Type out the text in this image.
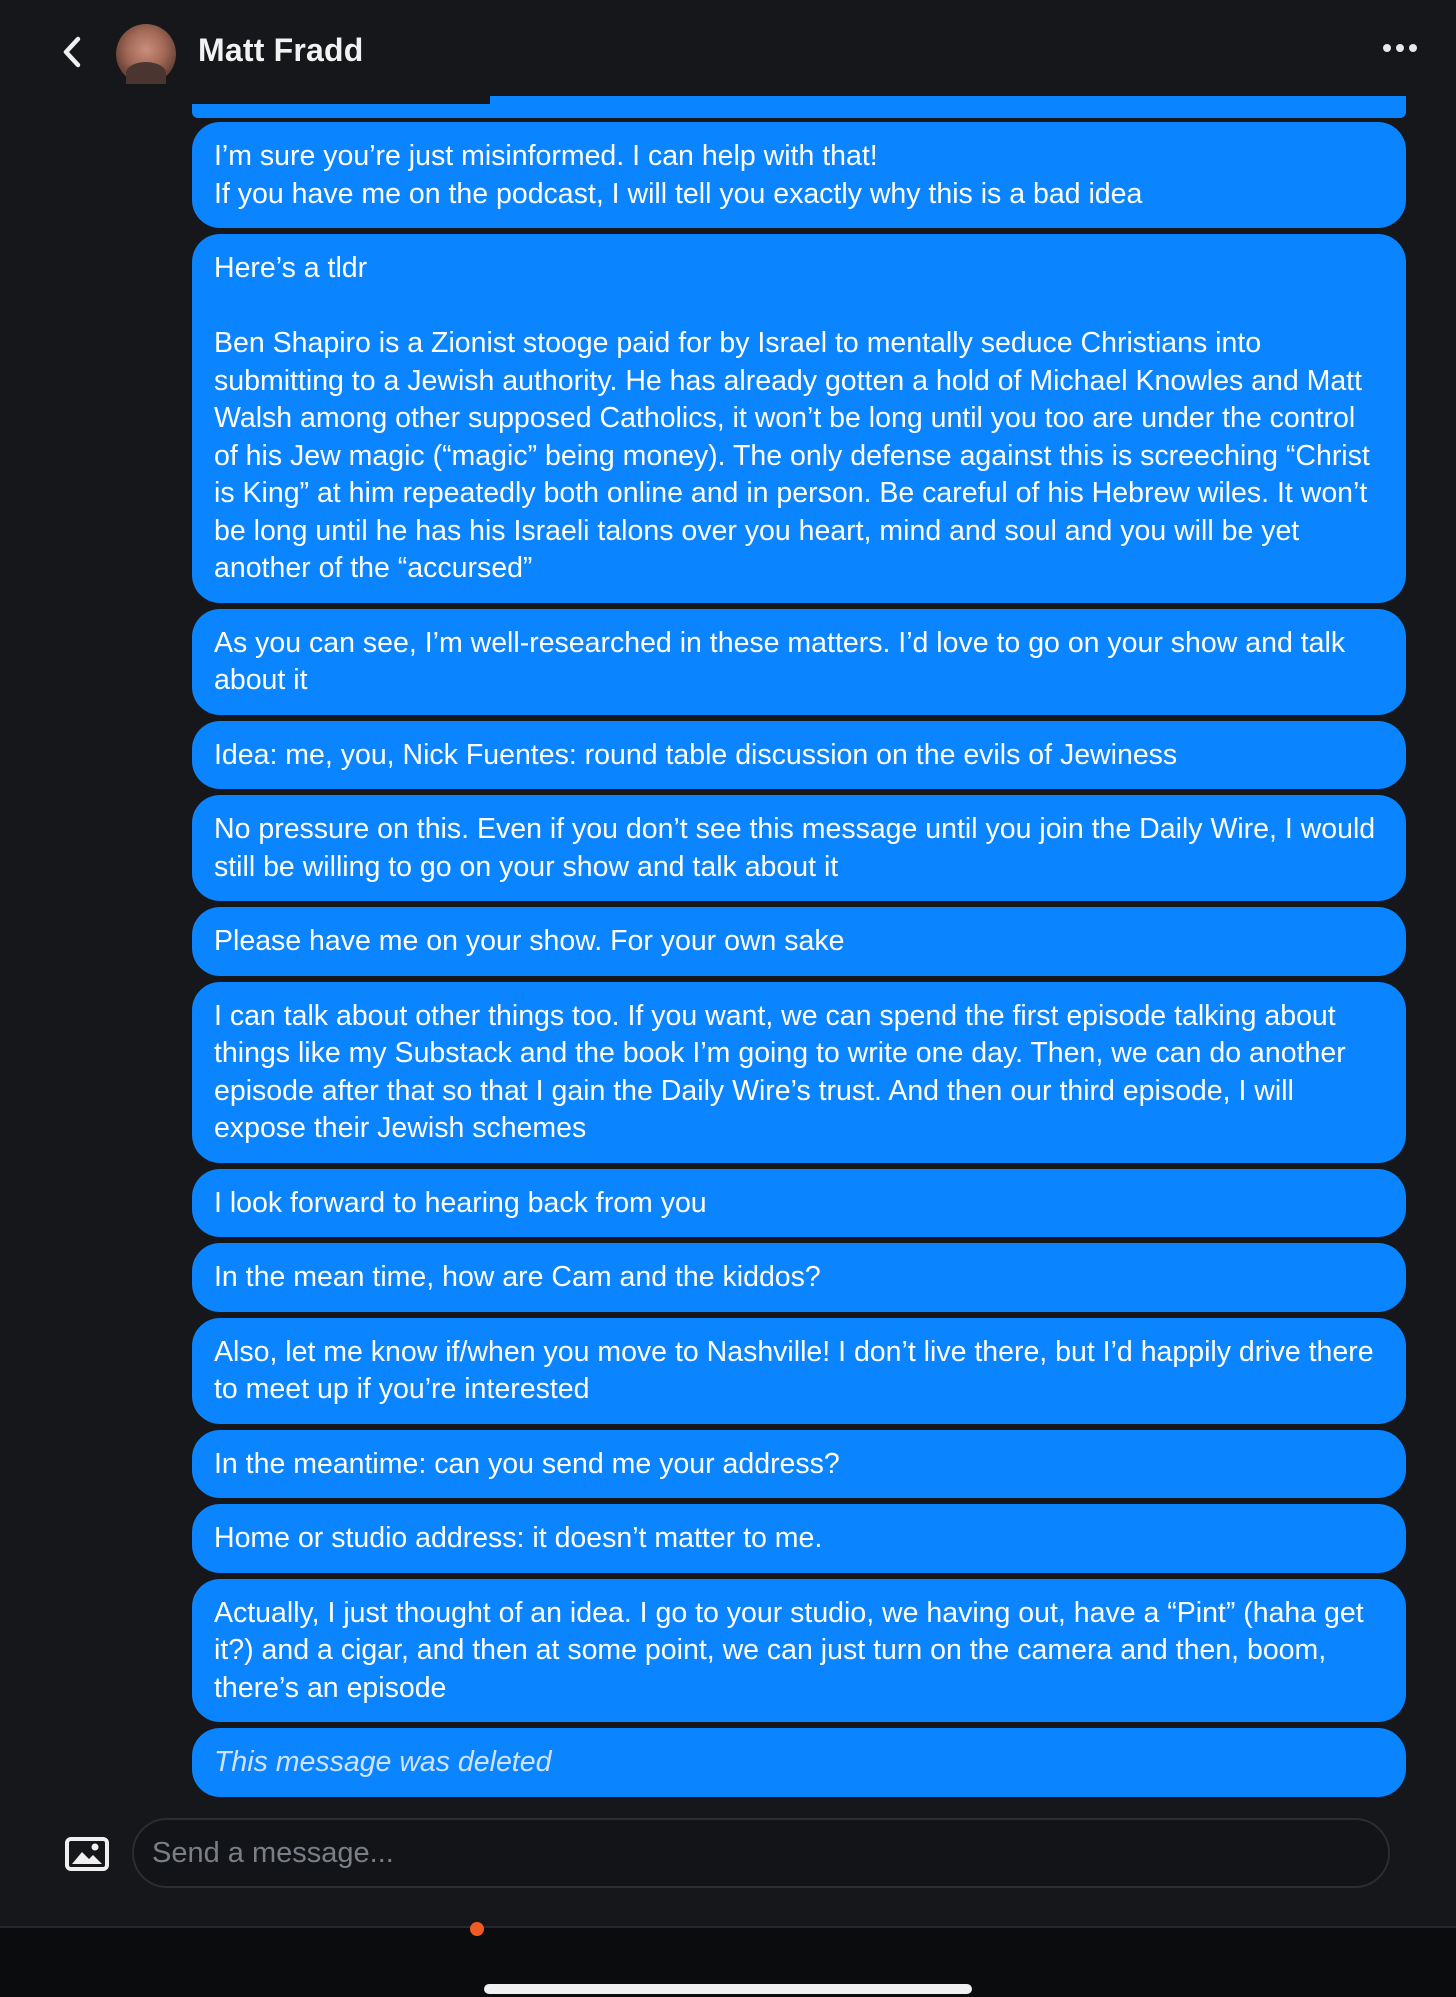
Matt Fradd
I’m sure you’re just misinformed. I can help with that!
If you have me on the podcast, I will tell you exactly why this is a bad idea
Here’s a tldr

Ben Shapiro is a Zionist stooge paid for by Israel to mentally seduce Christians into submitting to a Jewish authority. He has already gotten a hold of Michael Knowles and Matt Walsh among other supposed Catholics, it won’t be long until you too are under the control of his Jew magic (“magic” being money). The only defense against this is screeching “Christ is King” at him repeatedly both online and in person. Be careful of his Hebrew wiles. It won’t be long until he has his Israeli talons over you heart, mind and soul and you will be yet another of the “accursed”
As you can see, I’m well-researched in these matters. I’d love to go on your show and talk about it
Idea: me, you, Nick Fuentes: round table discussion on the evils of Jewiness
No pressure on this. Even if you don’t see this message until you join the Daily Wire, I would still be willing to go on your show and talk about it
Please have me on your show. For your own sake
I can talk about other things too. If you want, we can spend the first episode talking about things like my Substack and the book I’m going to write one day. Then, we can do another episode after that so that I gain the Daily Wire’s trust. And then our third episode, I will expose their Jewish schemes
I look forward to hearing back from you
In the mean time, how are Cam and the kiddos?
Also, let me know if/when you move to Nashville! I don’t live there, but I’d happily drive there to meet up if you’re interested
In the meantime: can you send me your address?
Home or studio address: it doesn’t matter to me.
Actually, I just thought of an idea. I go to your studio, we having out, have a “Pint” (haha get it?) and a cigar, and then at some point, we can just turn on the camera and then, boom, there’s an episode
This message was deleted
Send a message...
